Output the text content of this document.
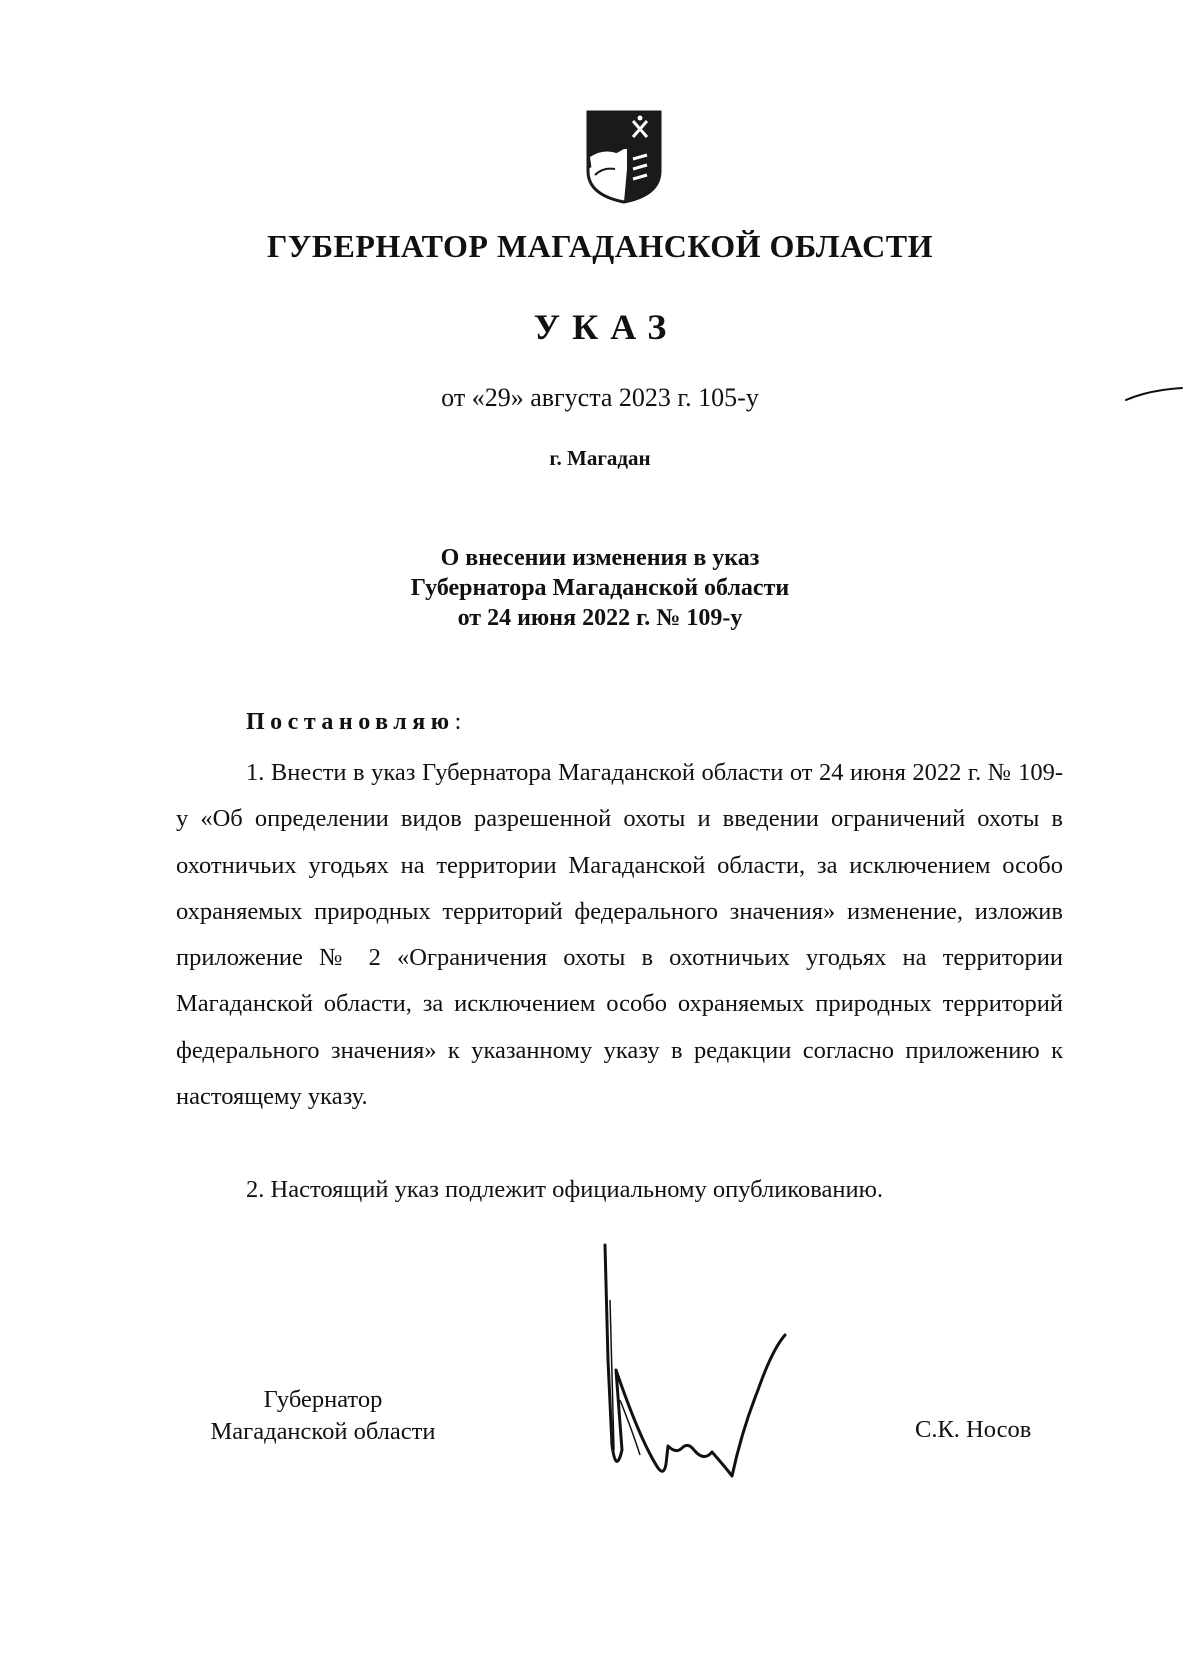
ГУБЕРНАТОР МАГАДАНСКОЙ ОБЛАСТИ
УКАЗ
от «29» августа 2023 г. 105-у
г. Магадан
О внесении изменения в указ
Губернатора Магаданской области
от 24 июня 2022 г. № 109-у
Постановляю:

1. Внести в указ Губернатора Магаданской области от 24 июня 2022 г. № 109-у «Об определении видов разрешенной охоты и введении ограничений охоты в охотничьих угодьях на территории Магаданской области, за исключением особо охраняемых природных территорий федерального значения» изменение, изложив приложение № 2 «Ограничения охоты в охотничьих угодьях на территории Магаданской области, за исключением особо охраняемых природных территорий федерального значения» к указанному указу в редакции согласно приложению к настоящему указу.

2. Настоящий указ подлежит официальному опубликованию.

Губернатор
Магаданской области	С.К. Носов
